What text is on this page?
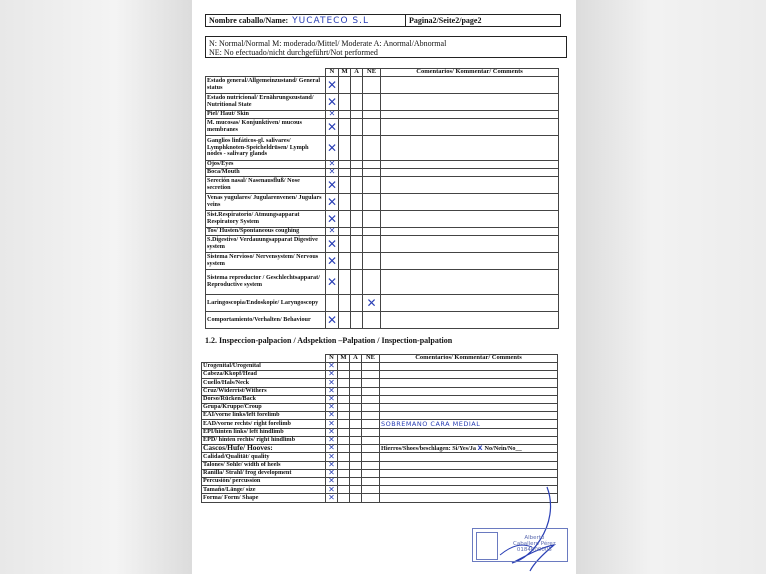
Nombre caballo/Name: YUCATECO S.L	Pagina2/Seite2/page2
N: Normal/Normal M: moderado/Mittel/ Moderate A: Anormal/Abnormal
NE: No efectuado/nicht durchgeführt/Not performed
	N	M	A	NE	Comentarios/ Kommentar/ Comments
Estado general/Allgemeinzustand/ General status	✕				
Estado nutricional/ Ernährungszustand/ Nutritional State	✕				
Piel/ Haut/ Skin	✕				
M. mucosas/ Konjunktiven/ mucous membranes	✕				
Ganglios linfáticos-gl. salivares/ Lymphknoten-Speicheldrüsen/ Lymph nodes - salivary glands	✕				
Ojos/Eyes	✕				
Boca/Mouth	✕				
Sereción nasal/ Nasenausfluß/ Nose secretion	✕				
Venas yugulares/ Jugularenvenen/ Jugulars veins	✕				
Sist.Respiratorio/ Atmungsapparat Respiratory System	✕				
Tos/ Husten/Spontaneous coughing	✕				
S.Digestivo/ Verdauungsapparat Digestive system	✕				
Sistema Nervioso/ Nervensystem/ Nervous system	✕				
Sistema reproductor / Geschlechtsapparat/ Reproductive system	✕				
Laringoscopia/Endoskopie/ Laryngoscopy				✕	
Comportamiento/Verhalten/ Behaviour	✕				
1.2. Inspeccion-palpacion / Adspektion –Palpation / Inspection-palpation
	N	M	A	NE	Comentarios/ Kommentar/ Comments
Urogenital/Urogenital	✕				
Cabeza/Kkopf/Head	✕				
Cuello/Hals/Neck	✕				
Cruz/Widerrist/Withers	✕				
Dorso/Rücken/Back	✕				
Grupa/Kruppe/Croup	✕				
EAI/vorne links/left forelimb	✕				
EAD/vorne rechts/ right forelimb	✕				SOBREMANO CARA MEDIAL
EPI/hinten links/ left hindlimb	✕				
EPD/ hinten rechts/ right hindlimb	✕				
Cascos/Hufe/ Hooves:	✕				Hierros/Shoes/beschlagen: Si/Yes/Ja X No/Nein/No__
Calidad/Qualität/ quality	✕				
Talones/ Sohle/ width of heels	✕				
Ranilla/ Strahl/ frog development	✕				
Percusión/ percussion	✕				
Tamaño/Länge/ size	✕				
Forma/ Form/ Shape	✕				
Alberto
Caballero Pérez
0184600005
